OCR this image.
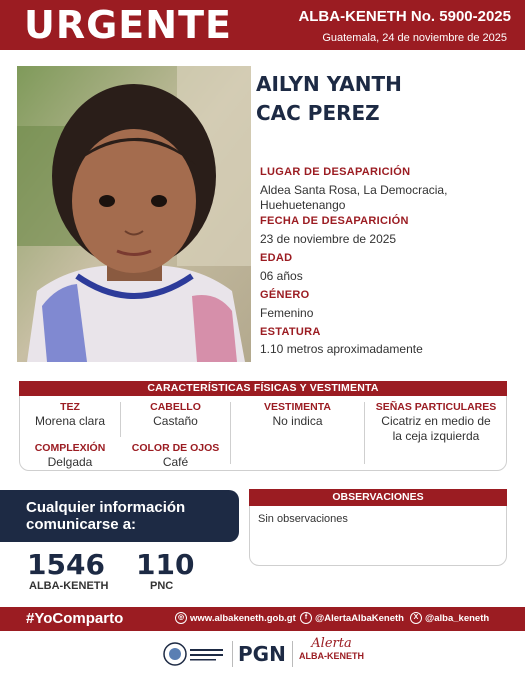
URGENTE	ALBA-KENETH No. 5900-2025
Guatemala, 24 de noviembre de 2025
AILYN YANTH
CAC PEREZ
LUGAR DE DESAPARICIÓN
Aldea Santa Rosa, La Democracia,
Huehuetenango
FECHA DE DESAPARICIÓN
23 de noviembre de 2025
EDAD
06 años
GÉNERO
Femenino
ESTATURA
1.10 metros aproximadamente
CARACTERÍSTICAS FÍSICAS Y VESTIMENTA
TEZ
Morena clara
CABELLO
Castaño
VESTIMENTA
No indica
SEÑAS PARTICULARES
Cicatriz en medio de
la ceja izquierda
COMPLEXIÓN
Delgada
COLOR DE OJOS
Café
Cualquier información
comunicarse a:
1546
ALBA-KENETH
110
PNC
OBSERVACIONES
Sin observaciones
#YoComparto	◎ www.albakeneth.gob.gt	f @AlertaAlbaKeneth	X @alba_keneth
PGN	Alerta
ALBA-KENETH
